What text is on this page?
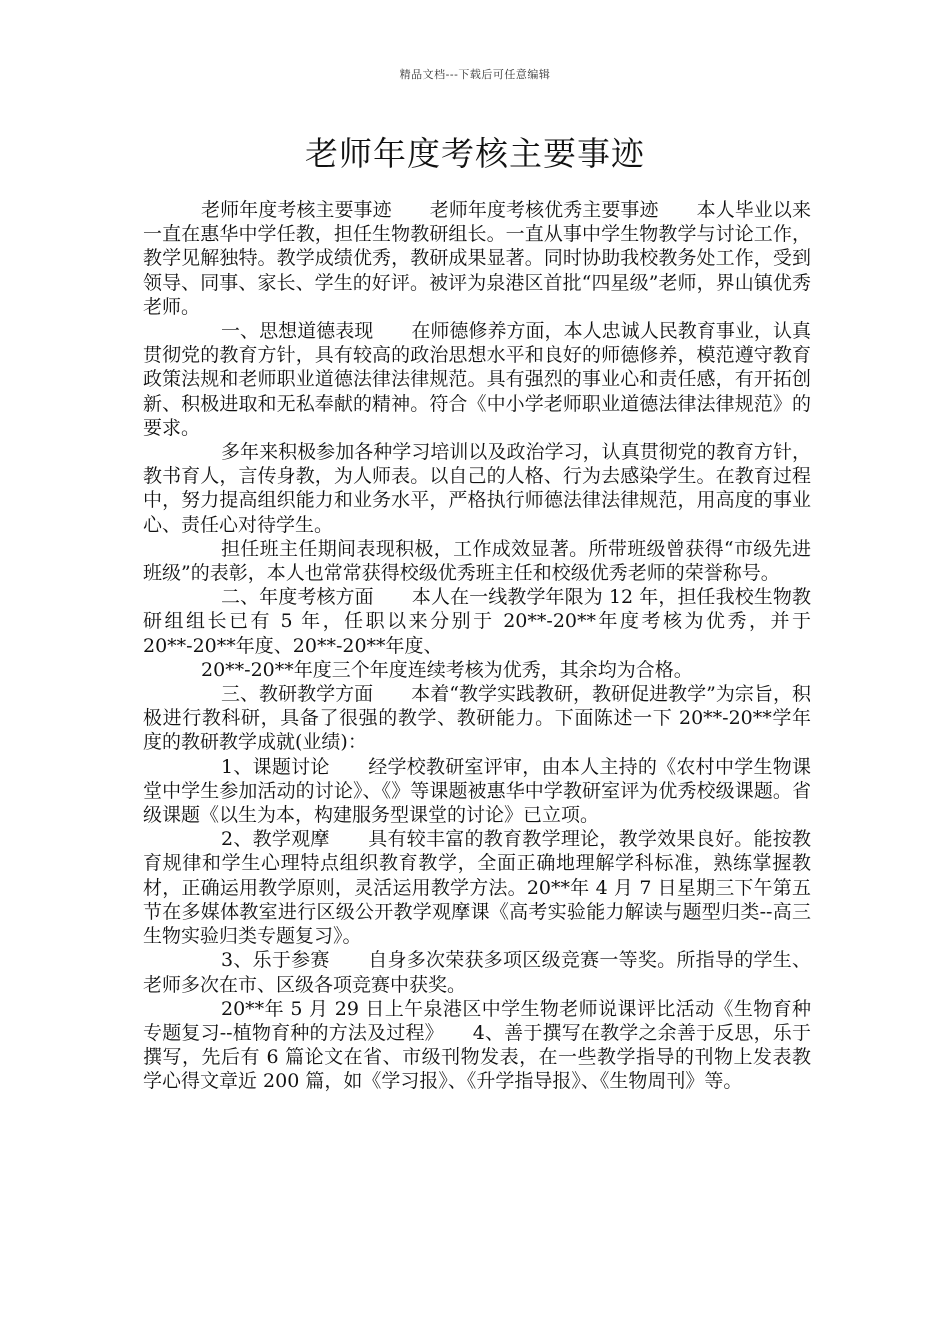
精品文档---下载后可任意编辑
老师年度考核主要事迹

老师年度考核主要事迹　　老师年度考核优秀主要事迹　　本人毕业以来一直在惠华中学任教，担任生物教研组长。一直从事中学生物教学与讨论工作，教学见解独特。教学成绩优秀，教研成果显著。同时协助我校教务处工作，受到领导、同事、家长、学生的好评。被评为泉港区首批“四星级”老师，界山镇优秀老师。

一、思想道德表现　　在师德修养方面，本人忠诚人民教育事业，认真贯彻党的教育方针，具有较高的政治思想水平和良好的师德修养，模范遵守教育政策法规和老师职业道德法律法律规范。具有强烈的事业心和责任感，有开拓创新、积极进取和无私奉献的精神。符合《中小学老师职业道德法律法律规范》的要求。

多年来积极参加各种学习培训以及政治学习，认真贯彻党的教育方针，教书育人，言传身教，为人师表。以自己的人格、行为去感染学生。在教育过程中，努力提高组织能力和业务水平，严格执行师德法律法律规范，用高度的事业心、责任心对待学生。

担任班主任期间表现积极，工作成效显著。所带班级曾获得“市级先进班级”的表彰，本人也常常获得校级优秀班主任和校级优秀老师的荣誉称号。

二、年度考核方面　　本人在一线教学年限为 12 年，担任我校生物教研组组长已有 5 年，任职以来分别于 20**-20**年度考核为优秀，并于 20**-20**年度、20**-20**年度、

20**-20**年度三个年度连续考核为优秀，其余均为合格。

三、教研教学方面　　本着“教学实践教研，教研促进教学”为宗旨，积极进行教科研，具备了很强的教学、教研能力。下面陈述一下 20**-20**学年度的教研教学成就(业绩)：

1、课题讨论　　经学校教研室评审，由本人主持的《农村中学生物课堂中学生参加活动的讨论》、《》等课题被惠华中学教研室评为优秀校级课题。省级课题《以生为本，构建服务型课堂的讨论》已立项。

2、教学观摩　　具有较丰富的教育教学理论，教学效果良好。能按教育规律和学生心理特点组织教育教学，全面正确地理解学科标准，熟练掌握教材，正确运用教学原则，灵活运用教学方法。20**年 4 月 7 日星期三下午第五节在多媒体教室进行区级公开教学观摩课《高考实验能力解读与题型归类--高三生物实验归类专题复习》。

3、乐于参赛　　自身多次荣获多项区级竞赛一等奖。所指导的学生、老师多次在市、区级各项竞赛中获奖。

20**年 5 月 29 日上午泉港区中学生物老师说课评比活动《生物育种专题复习--植物育种的方法及过程》　　4、善于撰写在教学之余善于反思，乐于撰写，先后有 6 篇论文在省、市级刊物发表，在一些教学指导的刊物上发表教学心得文章近 200 篇，如《学习报》、《升学指导报》、《生物周刊》等。
